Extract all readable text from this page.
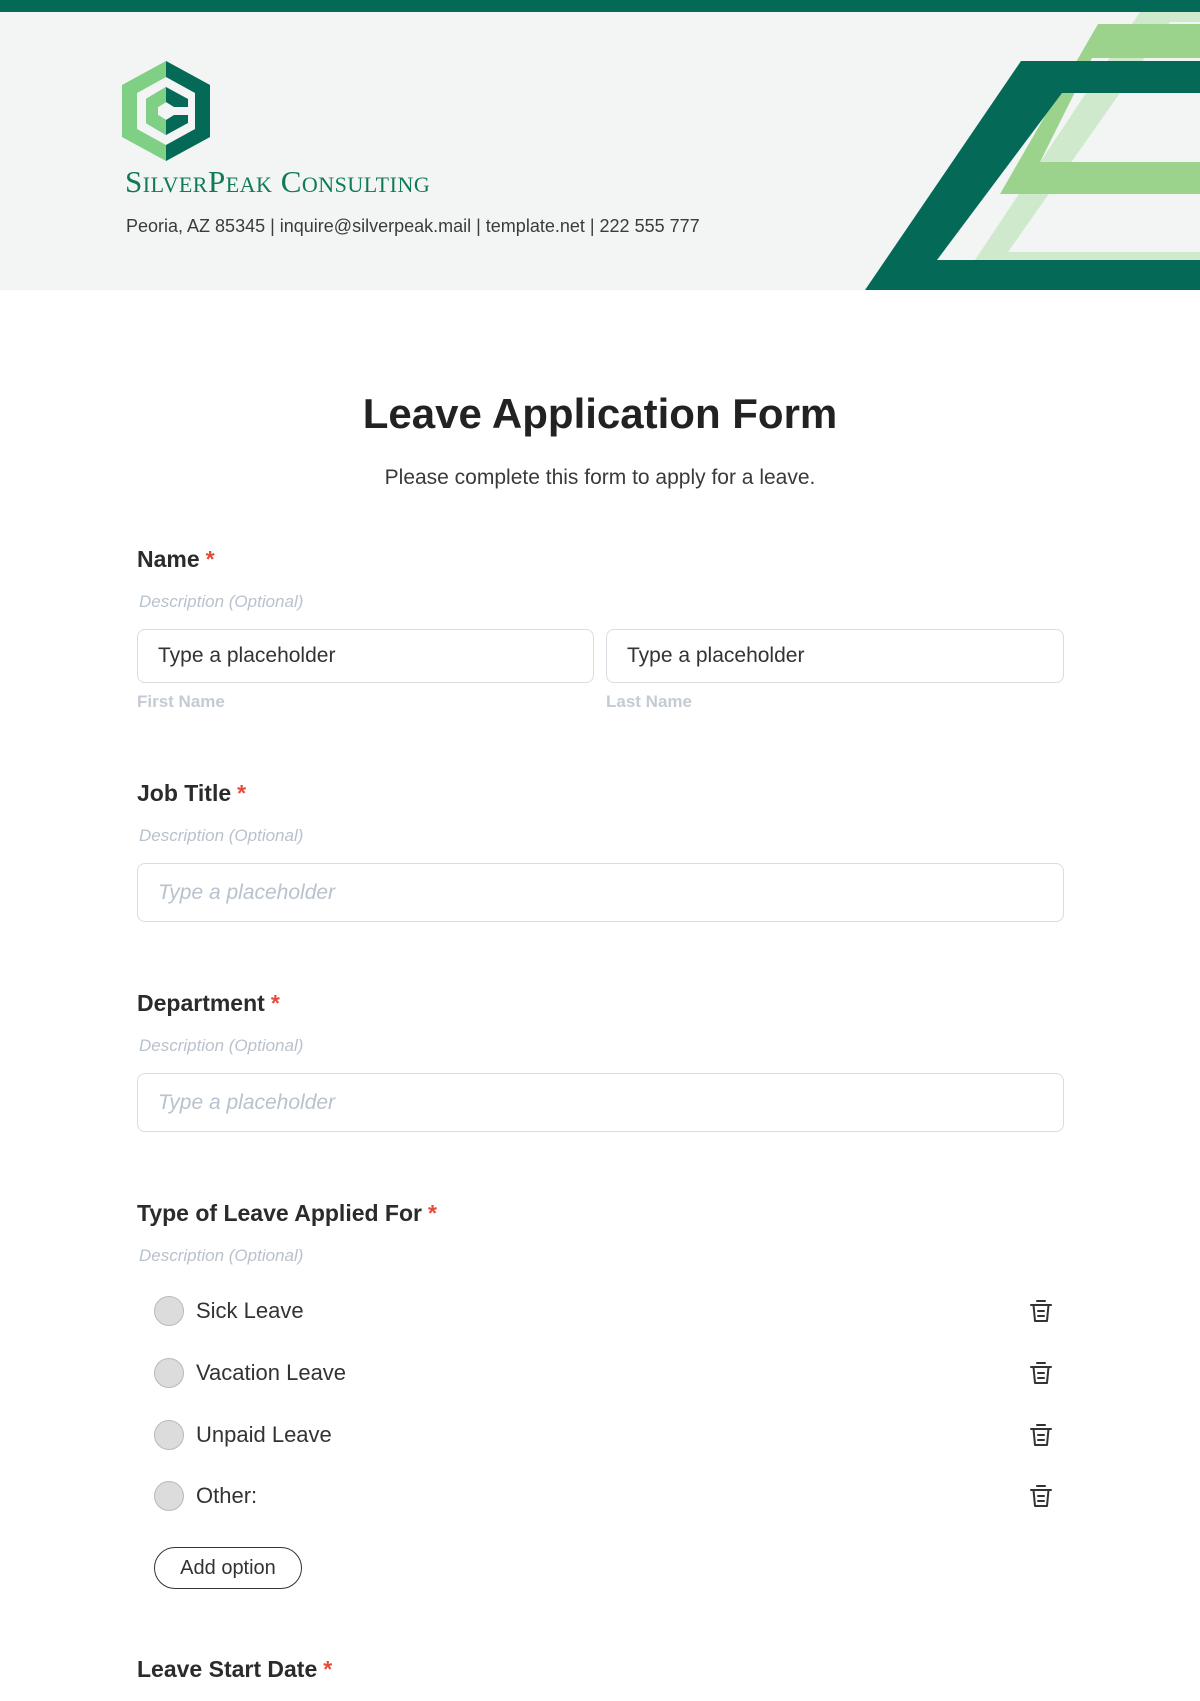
SilverPeak Consulting
Peoria, AZ 85345 | inquire@silverpeak.mail | template.net | 222 555 777
Leave Application Form
Please complete this form to apply for a leave.
Name *
Description (Optional)
Type a placeholder	Type a placeholder
First Name	Last Name
Job Title *
Description (Optional)
Type a placeholder
Department *
Description (Optional)
Type a placeholder
Type of Leave Applied For *
Description (Optional)
Sick Leave
Vacation Leave
Unpaid Leave
Other:
Add option
Leave Start Date *
